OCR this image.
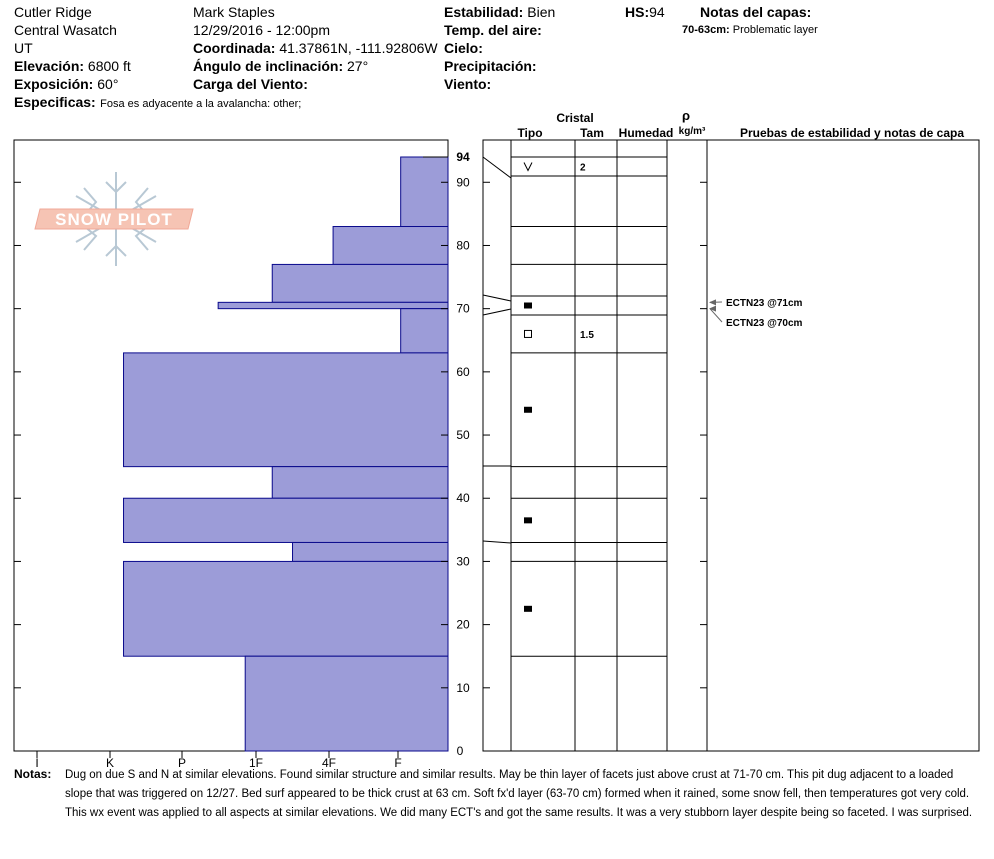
Cutler Ridge
Central Wasatch
UT
Elevación: 6800 ft
Exposición: 60°
Especificas: Fosa es adyacente a la avalancha: other;
Mark Staples
12/29/2016 - 12:00pm
Coordinada: 41.37861N, -111.92806W
Ángulo de inclinación: 27°
Carga del Viento:
Estabilidad: Bien
Temp. del aire:
Cielo:
Precipitación:
Viento:
HS:94	Notas del capas:
70-63cm: Problematic layer
SNOW PILOT
I	K	P	1F	4F	F
10
20
30
40
50
60
70
80
90
94
0
2
1.5
ECTN23 @71cm
ECTN23 @70cm
Cristal
Tipo	Tam Humedad
ρ
kg/m³	Pruebas de estabilidad y notas de capa
Notas: Dug on due S and N at similar elevations. Found similar structure and similar results. May be thin layer of facets just above crust at 71-70 cm. This pit dug adjacent to a loaded slope that was triggered on 12/27. Bed surf appeared to be thick crust at 63 cm. Soft fx'd layer (63-70 cm) formed when it rained, some snow fell, then temperatures got very cold. This wx event was applied to all aspects at similar elevations. We did many ECT's and got the same results. It was a very stubborn layer despite being so faceted. I was surprised.
